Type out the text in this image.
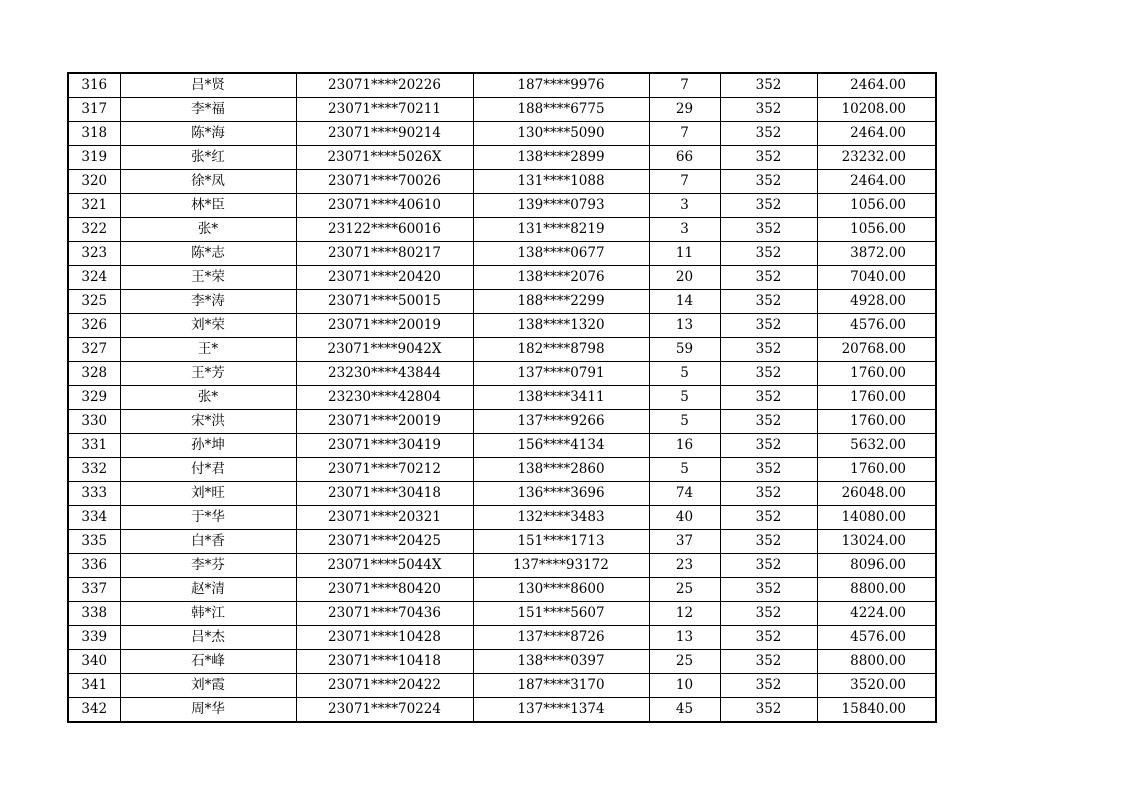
316	吕*贤	23071****20226	187****9976	7	352	2464.00
317	李*福	23071****70211	188****6775	29	352	10208.00
318	陈*海	23071****90214	130****5090	7	352	2464.00
319	张*红	23071****5026X	138****2899	66	352	23232.00
320	徐*凤	23071****70026	131****1088	7	352	2464.00
321	林*臣	23071****40610	139****0793	3	352	1056.00
322	张*	23122****60016	131****8219	3	352	1056.00
323	陈*志	23071****80217	138****0677	11	352	3872.00
324	王*荣	23071****20420	138****2076	20	352	7040.00
325	李*涛	23071****50015	188****2299	14	352	4928.00
326	刘*荣	23071****20019	138****1320	13	352	4576.00
327	王*	23071****9042X	182****8798	59	352	20768.00
328	王*芳	23230****43844	137****0791	5	352	1760.00
329	张*	23230****42804	138****3411	5	352	1760.00
330	宋*洪	23071****20019	137****9266	5	352	1760.00
331	孙*坤	23071****30419	156****4134	16	352	5632.00
332	付*君	23071****70212	138****2860	5	352	1760.00
333	刘*旺	23071****30418	136****3696	74	352	26048.00
334	于*华	23071****20321	132****3483	40	352	14080.00
335	白*香	23071****20425	151****1713	37	352	13024.00
336	李*芬	23071****5044X	137****93172	23	352	8096.00
337	赵*清	23071****80420	130****8600	25	352	8800.00
338	韩*江	23071****70436	151****5607	12	352	4224.00
339	吕*杰	23071****10428	137****8726	13	352	4576.00
340	石*峰	23071****10418	138****0397	25	352	8800.00
341	刘*霞	23071****20422	187****3170	10	352	3520.00
342	周*华	23071****70224	137****1374	45	352	15840.00
